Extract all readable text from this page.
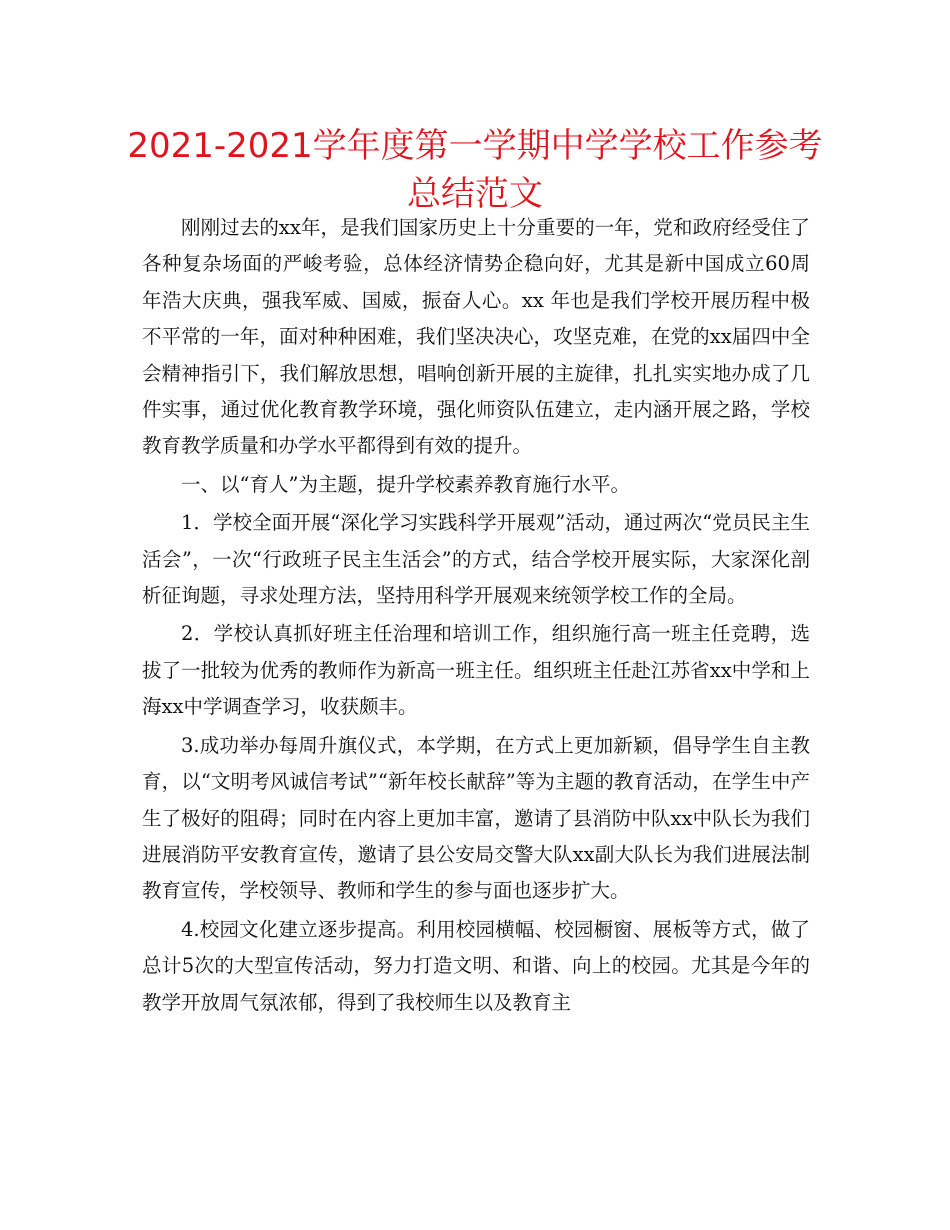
2021-2021学年度第一学期中学学校工作参考
总结范文

刚刚过去的xx年，是我们国家历史上十分重要的一年，党和政府经受住了各种复杂场面的严峻考验，总体经济情势企稳向好，尤其是新中国成立60周年浩大庆典，强我军威、国威，振奋人心。xx 年也是我们学校开展历程中极不平常的一年，面对种种困难，我们坚决决心，攻坚克难，在党的xx届四中全会精神指引下，我们解放思想，唱响创新开展的主旋律，扎扎实实地办成了几件实事，通过优化教育教学环境，强化师资队伍建立，走内涵开展之路，学校教育教学质量和办学水平都得到有效的提升。

一、以“育人”为主题，提升学校素养教育施行水平。

1．学校全面开展“深化学习实践科学开展观”活动，通过两次“党员民主生活会”，一次“行政班子民主生活会”的方式，结合学校开展实际，大家深化剖析征询题，寻求处理方法，坚持用科学开展观来统领学校工作的全局。

2．学校认真抓好班主任治理和培训工作，组织施行高一班主任竞聘，选拔了一批较为优秀的教师作为新高一班主任。组织班主任赴江苏省xx中学和上海xx中学调查学习，收获颇丰。

3.成功举办每周升旗仪式，本学期，在方式上更加新颖，倡导学生自主教育，以“文明考风诚信考试”“新年校长献辞”等为主题的教育活动，在学生中产生了极好的阻碍；同时在内容上更加丰富，邀请了县消防中队xx中队长为我们进展消防平安教育宣传，邀请了县公安局交警大队xx副大队长为我们进展法制教育宣传，学校领导、教师和学生的参与面也逐步扩大。

4.校园文化建立逐步提高。利用校园横幅、校园橱窗、展板等方式，做了总计5次的大型宣传活动，努力打造文明、和谐、向上的校园。尤其是今年的教学开放周气氛浓郁，得到了我校师生以及教育主
